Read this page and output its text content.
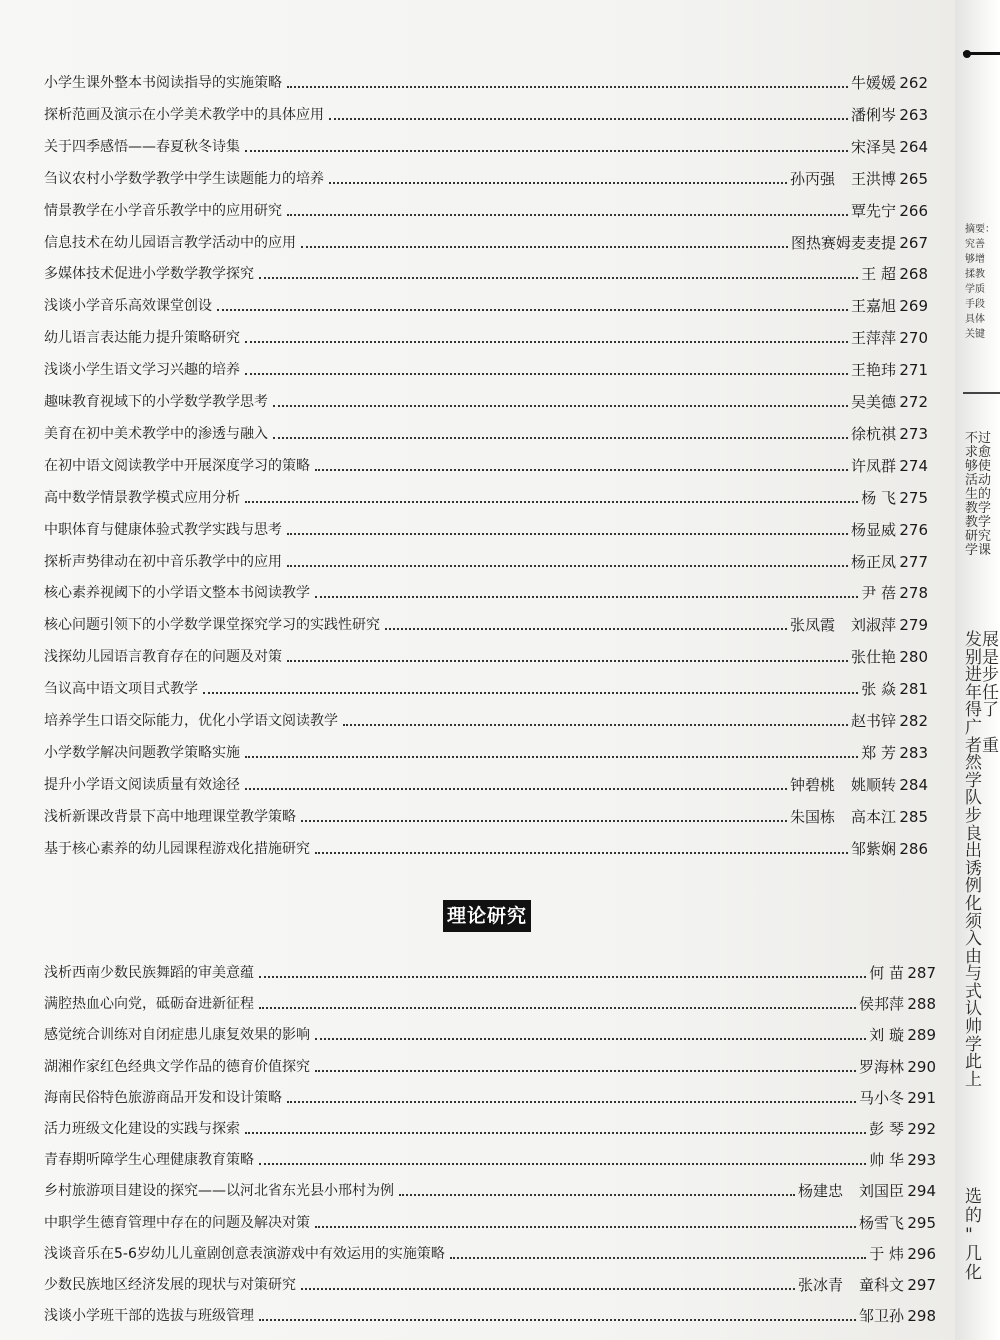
小学生课外整本书阅读指导的实施策略	牛媛媛 262
探析范画及演示在小学美术教学中的具体应用	潘俐岑 263
关于四季感悟——春夏秋冬诗集	宋泽昊 264
刍议农村小学数学教学中学生读题能力的培养	孙丙强 王洪博 265
情景教学在小学音乐教学中的应用研究	覃先宁 266
信息技术在幼儿园语言教学活动中的应用	图热赛姆麦麦提 267
多媒体技术促进小学数学教学探究	王 超 268
浅谈小学音乐高效课堂创设	王嘉旭 269
幼儿语言表达能力提升策略研究	王萍萍 270
浅谈小学生语文学习兴趣的培养	王艳玮 271
趣味教育视域下的小学数学教学思考	吴美德 272
美育在初中美术教学中的渗透与融入	徐杭祺 273
在初中语文阅读教学中开展深度学习的策略	许凤群 274
高中数学情景教学模式应用分析	杨 飞 275
中职体育与健康体验式教学实践与思考	杨显威 276
探析声势律动在初中音乐教学中的应用	杨正凤 277
核心素养视阈下的小学语文整本书阅读教学	尹 蓓 278
核心问题引领下的小学数学课堂探究学习的实践性研究	张凤霞 刘淑萍 279
浅探幼儿园语言教育存在的问题及对策	张仕艳 280
刍议高中语文项目式教学	张 焱 281
培养学生口语交际能力，优化小学语文阅读教学	赵书锌 282
小学数学解决问题教学策略实施	郑 芳 283
提升小学语文阅读质量有效途径	钟碧桃 姚顺转 284
浅析新课改背景下高中地理课堂教学策略	朱国栋 高本江 285
基于核心素养的幼儿园课程游戏化措施研究	邹紫娴 286
理论研究
浅析西南少数民族舞蹈的审美意蕴	何 苗 287
满腔热血心向党，砥砺奋进新征程	侯邦萍 288
感觉统合训练对自闭症患儿康复效果的影响	刘 璇 289
湖湘作家红色经典文学作品的德育价值探究	罗海林 290
海南民俗特色旅游商品开发和设计策略	马小冬 291
活力班级文化建设的实践与探索	彭 琴 292
青春期听障学生心理健康教育策略	帅 华 293
乡村旅游项目建设的探究——以河北省东光县小邢村为例	杨建忠 刘国臣 294
中职学生德育管理中存在的问题及解决对策	杨雪飞 295
浅谈音乐在5-6岁幼儿儿童剧创意表演游戏中有效运用的实施策略	于 炜 296
少数民族地区经济发展的现状与对策研究	张冰青 童科文 297
浅谈小学班干部的选拔与班级管理	邹卫孙 298
摘要：
究善
够增
揉教
学质
手段
具体
关键
不过
求愈
够使
活动
生的
教学
教学
研究
学课
发展
别是
进步
年任
得了
广
者重
然
学
队
步
良
出
诱
例
化
须
入
由
与
式
认
帅
学
此
上
选
的
"
几
化
